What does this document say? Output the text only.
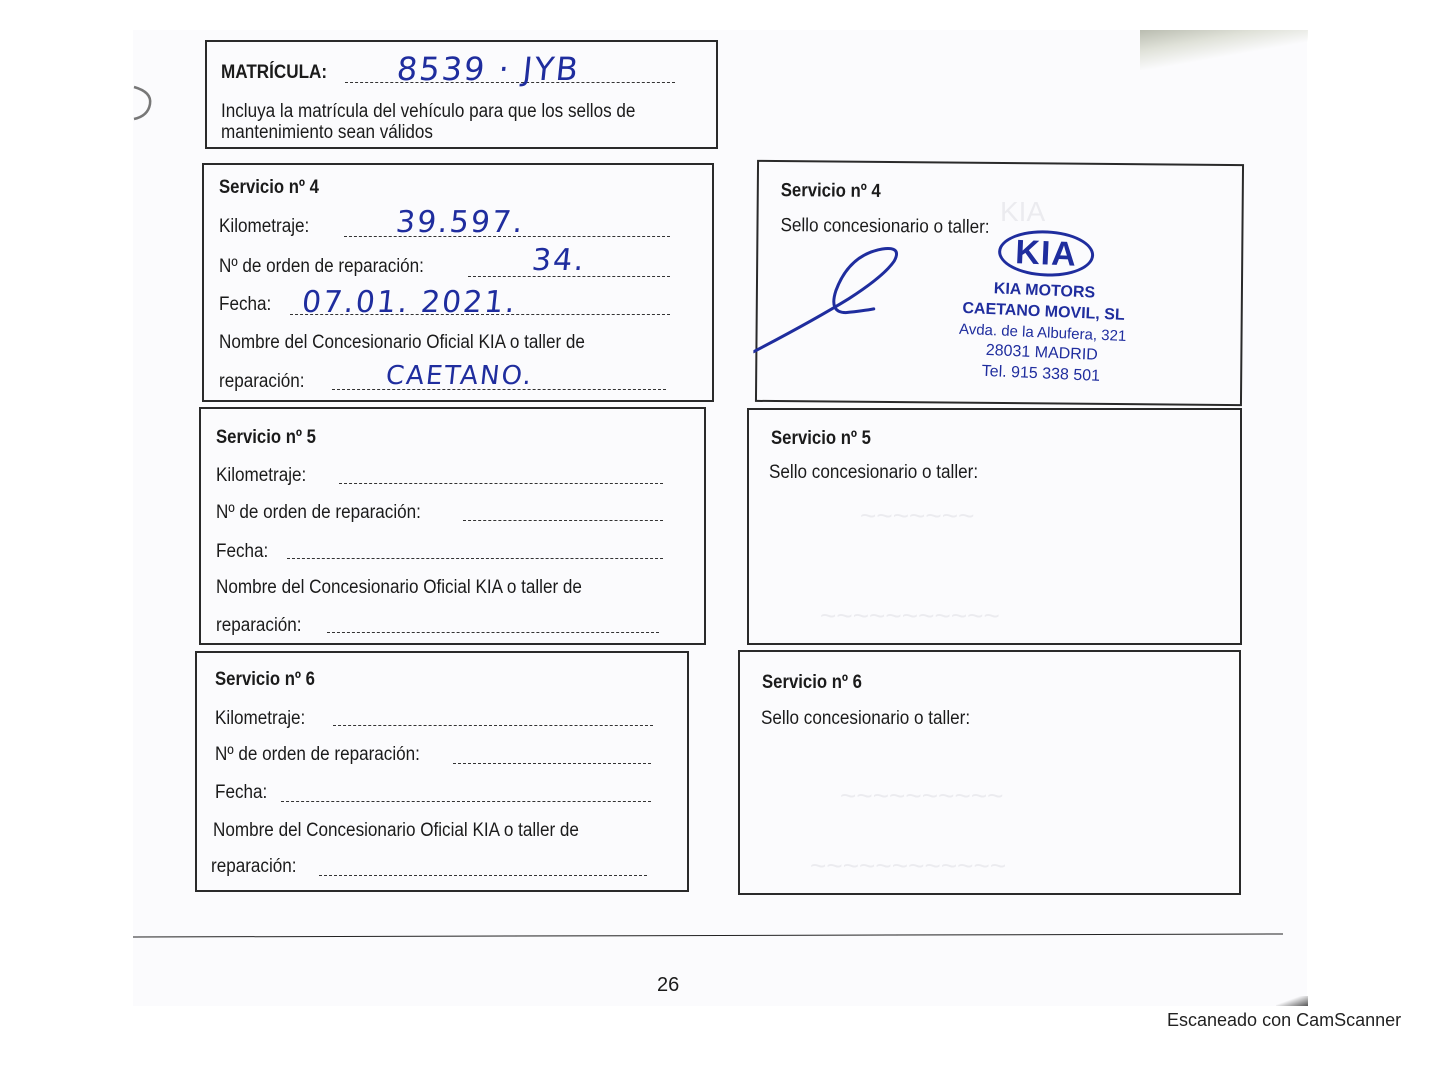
KIA
~~~~~~~
~~~~~~~~~~~
~~~~~~~~~~
~~~~~~~~~~~~
MATRÍCULA: 8539 · JYB
Incluya la matrícula del vehículo para que los sellos de
mantenimiento sean válidos
Servicio nº 4
Kilometraje:	39.597.
Nº de orden de reparación:	34.
Fecha: 07.01. 2021.
Nombre del Concesionario Oficial KIA o taller de
reparación:	CAETANO.
Servicio nº 5
Kilometraje:
Nº de orden de reparación:
Fecha:
Nombre del Concesionario Oficial KIA o taller de
reparación:
Servicio nº 6
Kilometraje:
Nº de orden de reparación:
Fecha:
Nombre del Concesionario Oficial KIA o taller de
reparación:
Servicio nº 4
Sello concesionario o taller:
KIA
KIA MOTORS
CAETANO MOVIL, SL
Avda. de la Albufera, 321
28031 MADRID
Tel. 915 338 501
Servicio nº 5
Sello concesionario o taller:
Servicio nº 6
Sello concesionario o taller:
26
Escaneado con CamScanner
